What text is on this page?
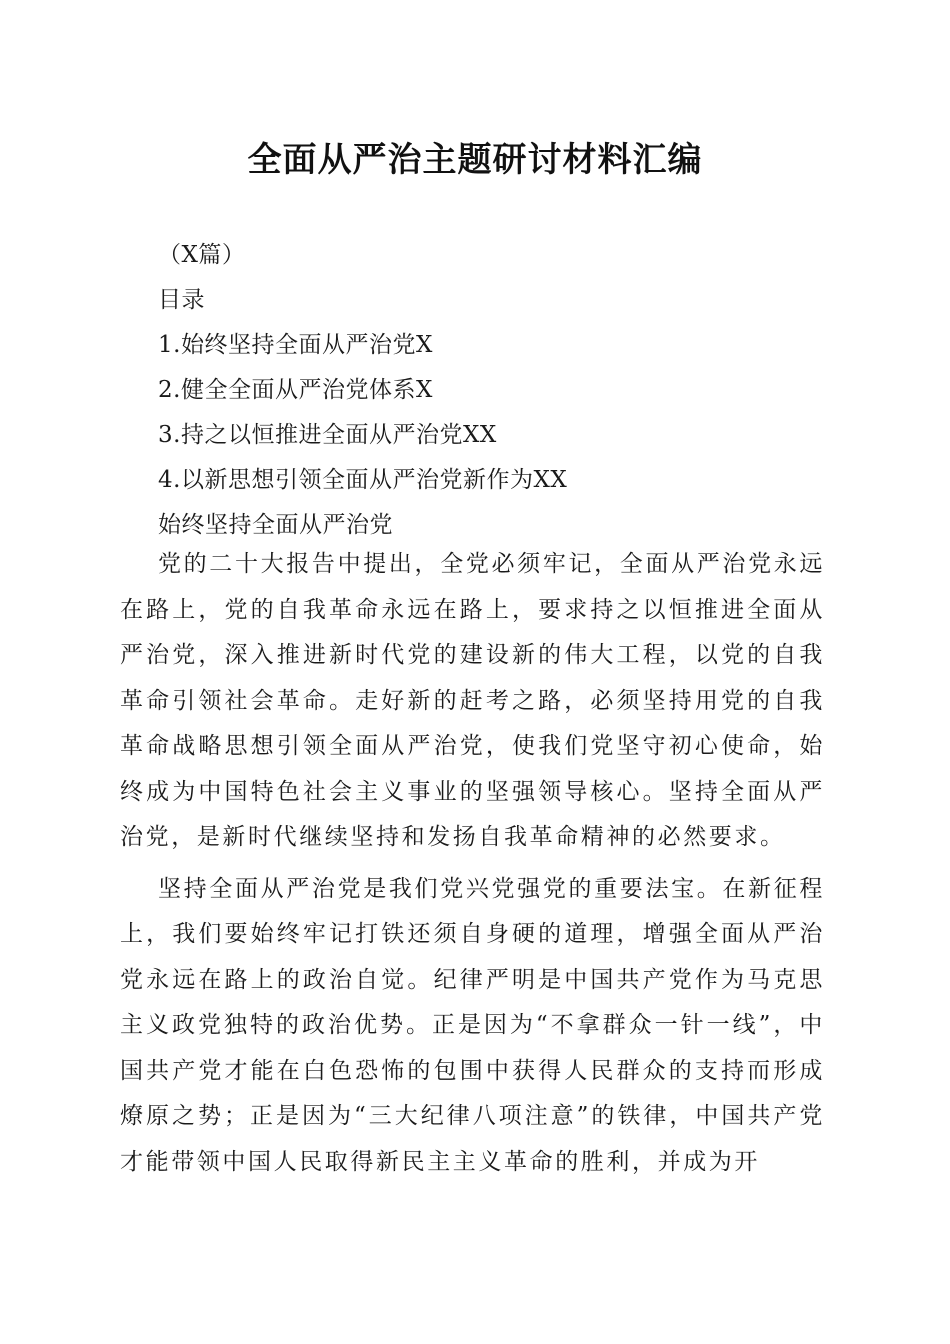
全面从严治主题研讨材料汇编
（X篇）
目录
1.始终坚持全面从严治党X
2.健全全面从严治党体系X
3.持之以恒推进全面从严治党XX
4.以新思想引领全面从严治党新作为XX
始终坚持全面从严治党

党的二十大报告中提出，全党必须牢记，全面从严治党永远在路上，党的自我革命永远在路上，要求持之以恒推进全面从严治党，深入推进新时代党的建设新的伟大工程，以党的自我革命引领社会革命。走好新的赶考之路，必须坚持用党的自我革命战略思想引领全面从严治党，使我们党坚守初心使命，始终成为中国特色社会主义事业的坚强领导核心。坚持全面从严治党，是新时代继续坚持和发扬自我革命精神的必然要求。

坚持全面从严治党是我们党兴党强党的重要法宝。在新征程上，我们要始终牢记打铁还须自身硬的道理，增强全面从严治党永远在路上的政治自觉。纪律严明是中国共产党作为马克思主义政党独特的政治优势。正是因为“不拿群众一针一线”，中国共产党才能在白色恐怖的包围中获得人民群众的支持而形成燎原之势；正是因为“三大纪律八项注意”的铁律，中国共产党才能带领中国人民取得新民主主义革命的胜利，并成为开
